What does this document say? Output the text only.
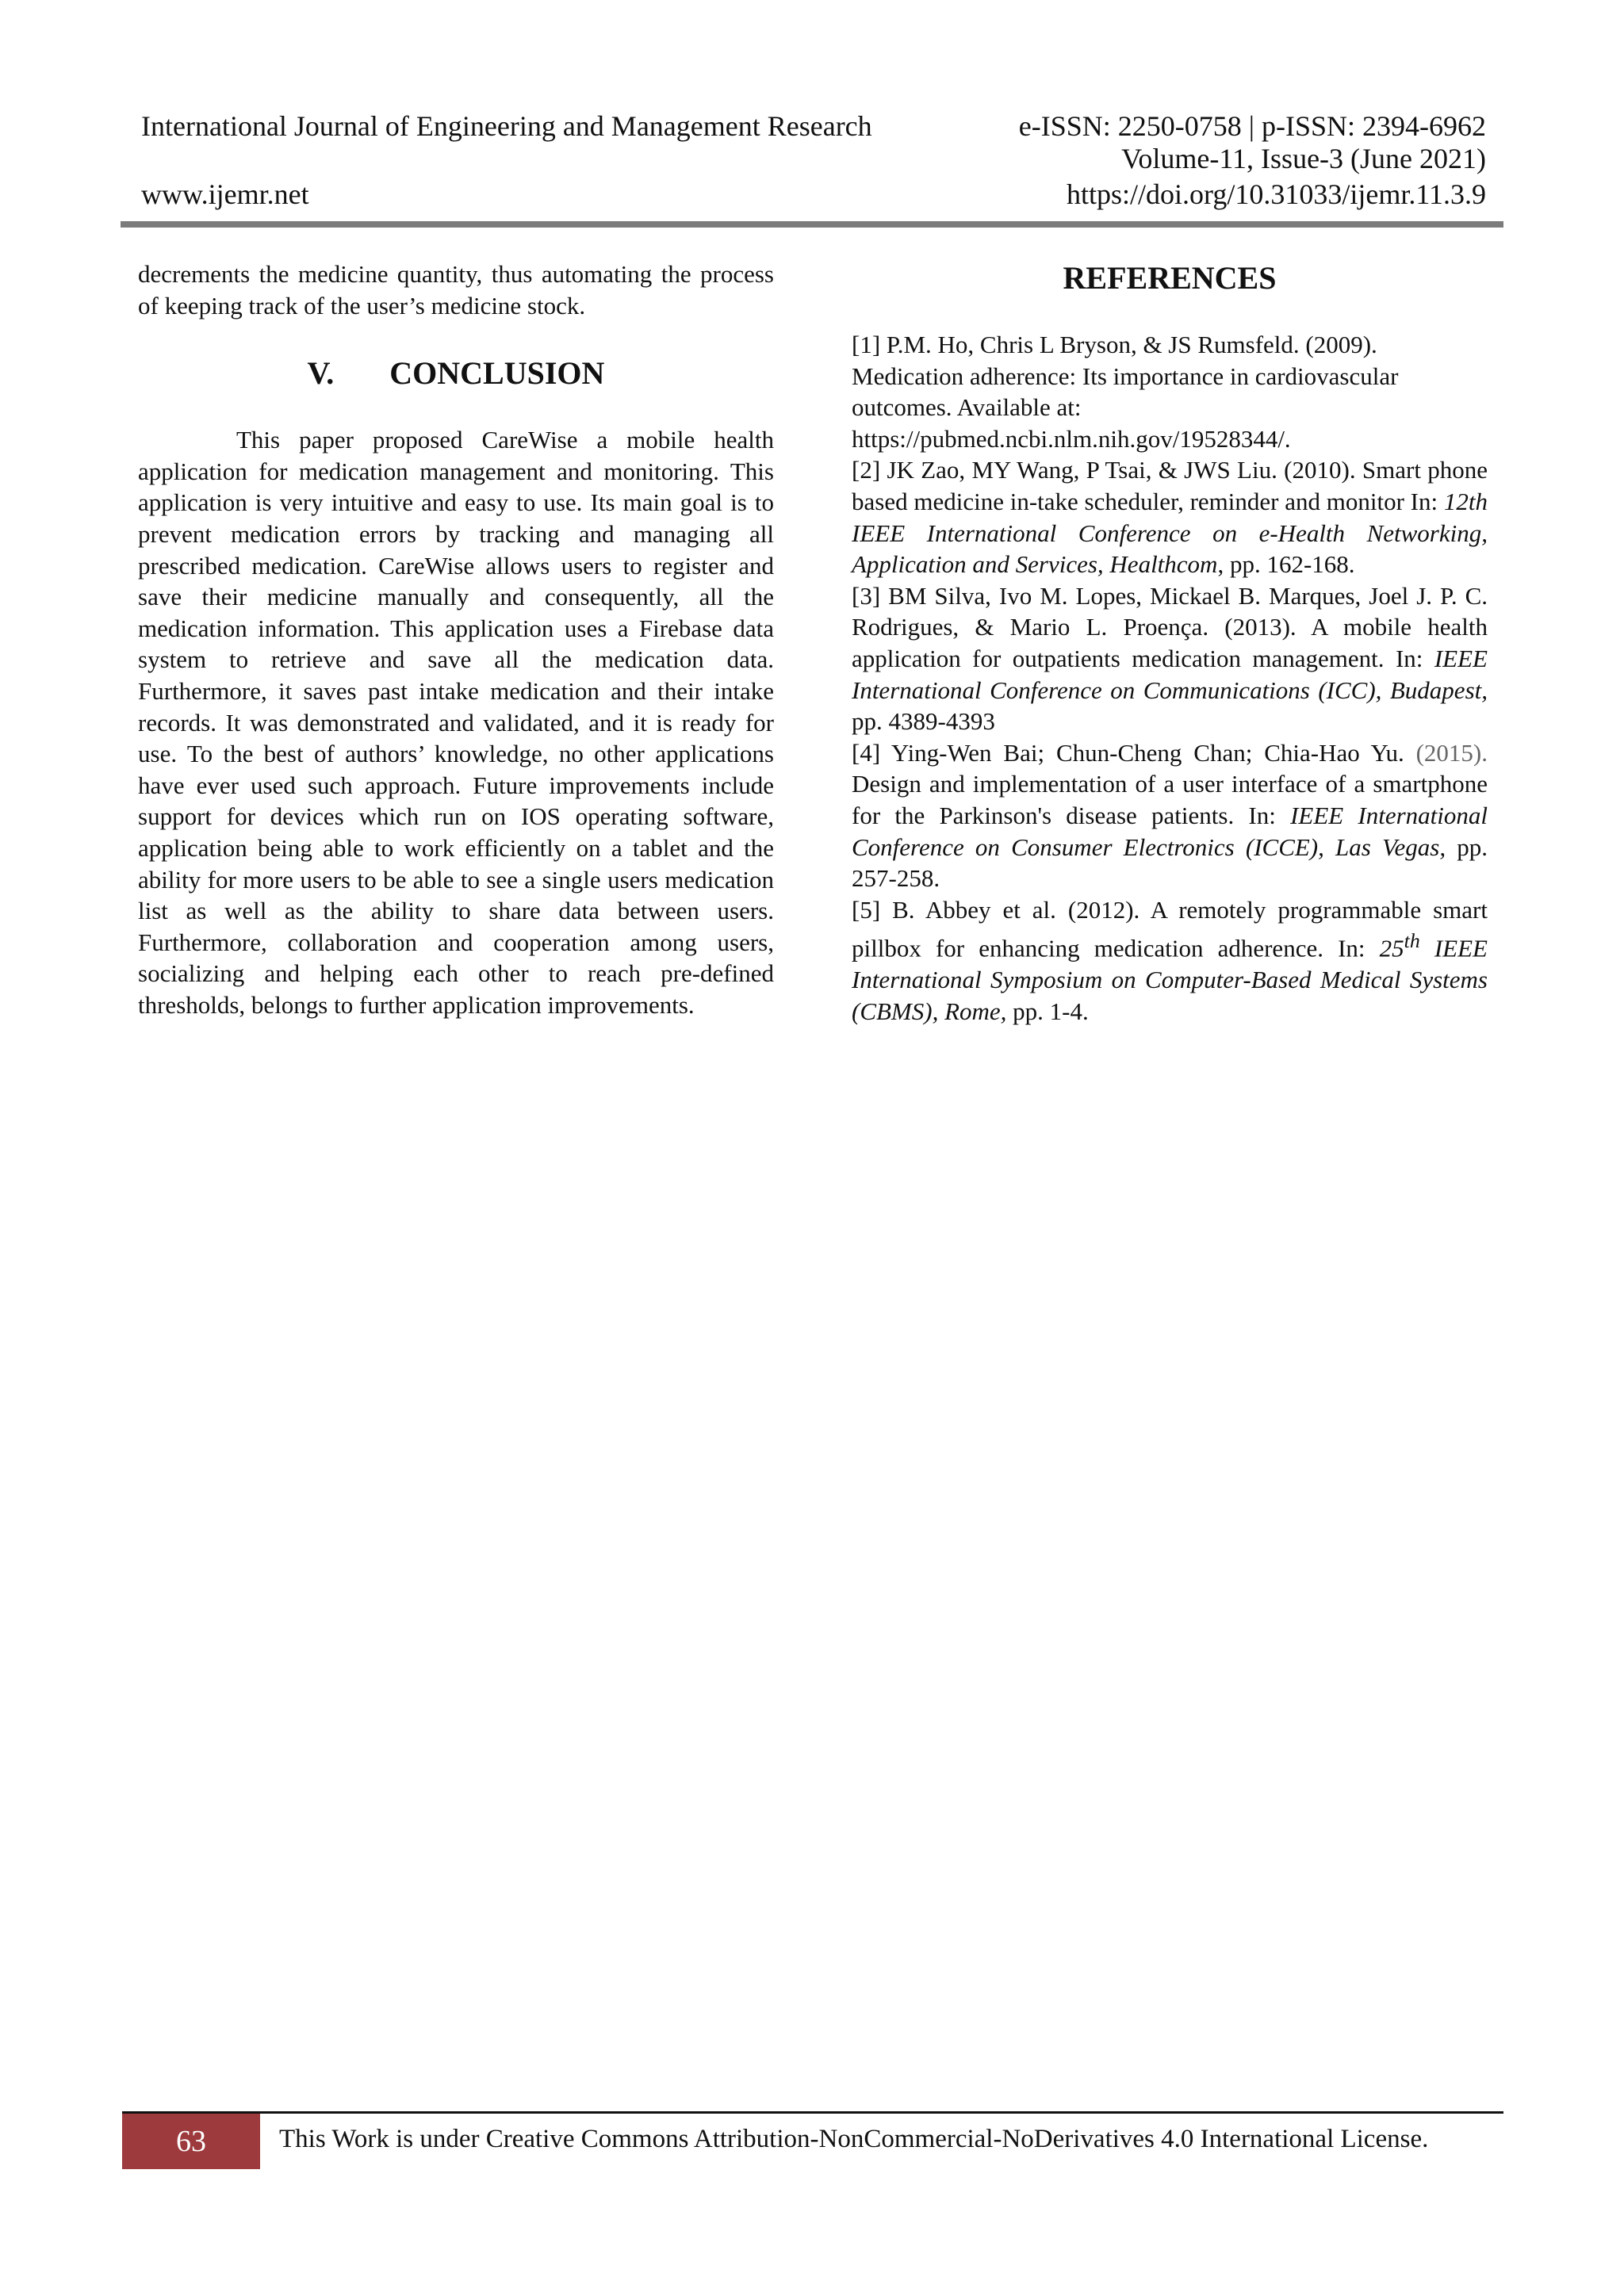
International Journal of Engineering and Management Research	e-ISSN: 2250-0758 | p-ISSN: 2394-6962
Volume-11, Issue-3 (June 2021)
www.ijemr.net	https://doi.org/10.31033/ijemr.11.3.9

decrements the medicine quantity, thus automating the process of keeping track of the user’s medicine stock.

V. CONCLUSION

This paper proposed CareWise a mobile health application for medication management and monitoring. This application is very intuitive and easy to use. Its main goal is to prevent medication errors by tracking and managing all prescribed medication. CareWise allows users to register and save their medicine manually and consequently, all the medication information. This application uses a Firebase data system to retrieve and save all the medication data. Furthermore, it saves past intake medication and their intake records. It was demonstrated and validated, and it is ready for use. To the best of authors’ knowledge, no other applications have ever used such approach. Future improvements include support for devices which run on IOS operating software, application being able to work efficiently on a tablet and the ability for more users to be able to see a single users medication list as well as the ability to share data between users. Furthermore, collaboration and cooperation among users, socializing and helping each other to reach pre-defined thresholds, belongs to further application improvements.

REFERENCES

[1] P.M. Ho, Chris L Bryson, & JS Rumsfeld. (2009). Medication adherence: Its importance in cardiovascular outcomes. Available at:
https://pubmed.ncbi.nlm.nih.gov/19528344/.

[2] JK Zao, MY Wang, P Tsai, & JWS Liu. (2010). Smart phone based medicine in-take scheduler, reminder and monitor In: 12th IEEE International Conference on e-Health Networking, Application and Services, Healthcom, pp. 162-168.

[3] BM Silva, Ivo M. Lopes, Mickael B. Marques, Joel J. P. C. Rodrigues, & Mario L. Proença. (2013). A mobile health application for outpatients medication management. In: IEEE International Conference on Communications (ICC), Budapest, pp. 4389-4393

[4] Ying-Wen Bai; Chun-Cheng Chan; Chia-Hao Yu. (2015). Design and implementation of a user interface of a smartphone for the Parkinson's disease patients. In: IEEE International Conference on Consumer Electronics (ICCE), Las Vegas, pp. 257-258.

[5] B. Abbey et al. (2012). A remotely programmable smart pillbox for enhancing medication adherence. In: 25th IEEE International Symposium on Computer-Based Medical Systems (CBMS), Rome, pp. 1-4.

63	This Work is under Creative Commons Attribution-NonCommercial-NoDerivatives 4.0 International License.
